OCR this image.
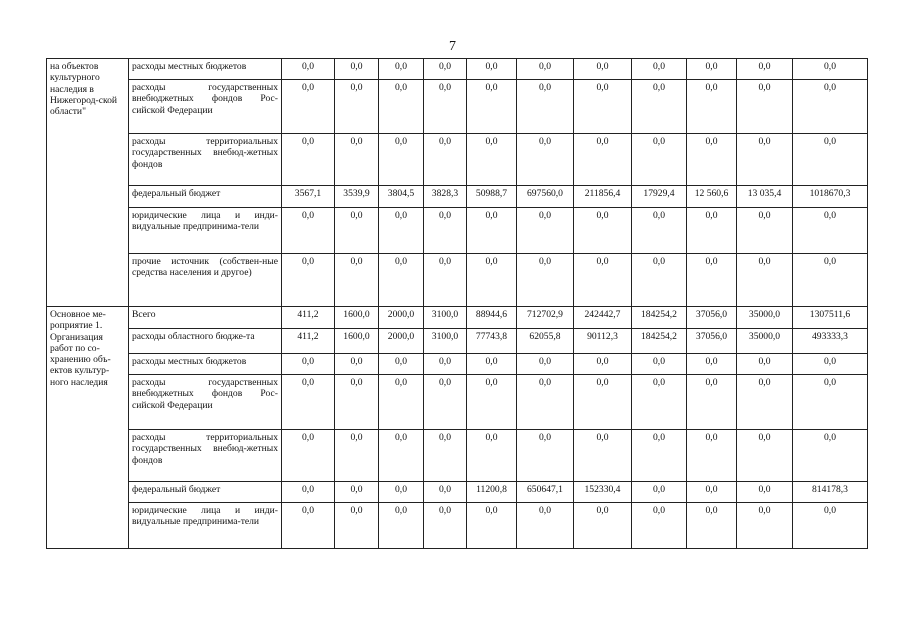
7
на объектов культурного наследия в Нижегород-ской области"	расходы местных бюджетов	0,0	0,0	0,0	0,0	0,0	0,0	0,0	0,0	0,0	0,0	0,0
	расходы государственных внебюджетных фондов Рос-сийской Федерации	0,0	0,0	0,0	0,0	0,0	0,0	0,0	0,0	0,0	0,0	0,0
	расходы территориальных государственных внебюд-жетных фондов	0,0	0,0	0,0	0,0	0,0	0,0	0,0	0,0	0,0	0,0	0,0
	федеральный бюджет	3567,1	3539,9	3804,5	3828,3	50988,7	697560,0	211856,4	17929,4	12 560,6	13 035,4	1018670,3
	юридические лица и инди-видуальные предпринима-тели	0,0	0,0	0,0	0,0	0,0	0,0	0,0	0,0	0,0	0,0	0,0
	прочие источник (собствен-ные средства населения и другое)	0,0	0,0	0,0	0,0	0,0	0,0	0,0	0,0	0,0	0,0	0,0
Основное ме-роприятие 1. Организация работ по со-хранению объ-ектов культур-ного наследия	Всего	411,2	1600,0	2000,0	3100,0	88944,6	712702,9	242442,7	184254,2	37056,0	35000,0	1307511,6
	расходы областного бюдже-та	411,2	1600,0	2000,0	3100,0	77743,8	62055,8	90112,3	184254,2	37056,0	35000,0	493333,3
	расходы местных бюджетов	0,0	0,0	0,0	0,0	0,0	0,0	0,0	0,0	0,0	0,0	0,0
	расходы государственных внебюджетных фондов Рос-сийской Федерации	0,0	0,0	0,0	0,0	0,0	0,0	0,0	0,0	0,0	0,0	0,0
	расходы территориальных государственных внебюд-жетных фондов	0,0	0,0	0,0	0,0	0,0	0,0	0,0	0,0	0,0	0,0	0,0
	федеральный бюджет	0,0	0,0	0,0	0,0	11200,8	650647,1	152330,4	0,0	0,0	0,0	814178,3
	юридические лица и инди-видуальные предпринима-тели	0,0	0,0	0,0	0,0	0,0	0,0	0,0	0,0	0,0	0,0	0,0
